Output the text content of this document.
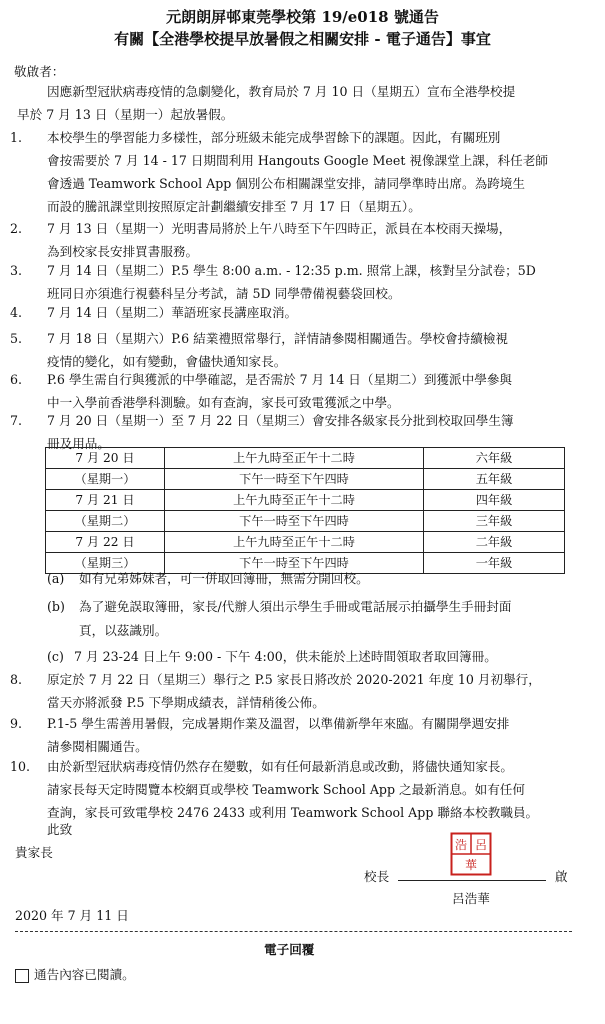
元朗朗屏邨東莞學校第 19/e018 號通告
有關【全港學校提早放暑假之相關安排 - 電子通告】事宜
敬啟者：
因應新型冠狀病毒疫情的急劇變化，教育局於 7 月 10 日（星期五）宣布全港學校提
早於 7 月 13 日（星期一）起放暑假。
1. 本校學生的學習能力多樣性，部分班級未能完成學習餘下的課題。因此，有關班別
會按需要於 7 月 14 - 17 日期間利用 Hangouts Google Meet 視像課堂上課，科任老師
會透過 Teamwork School App 個別公布相關課堂安排，請同學準時出席。為跨境生
而設的騰訊課堂則按照原定計劃繼續安排至 7 月 17 日（星期五）。
2. 7 月 13 日（星期一）光明書局將於上午八時至下午四時正，派員在本校雨天操場，
為到校家長安排買書服務。
3. 7 月 14 日（星期二）P.5 學生 8:00 a.m. - 12:35 p.m. 照常上課，核對呈分試卷；5D
班同日亦須進行視藝科呈分考試，請 5D 同學帶備視藝袋回校。
4. 7 月 14 日（星期二）華語班家長講座取消。
5. 7 月 18 日（星期六）P.6 結業禮照常舉行，詳情請參閱相關通告。學校會持續檢視
疫情的變化，如有變動，會儘快通知家長。
6. P.6 學生需自行與獲派的中學確認，是否需於 7 月 14 日（星期二）到獲派中學參與
中一入學前香港學科測驗。如有查詢，家長可致電獲派之中學。
7. 7 月 20 日（星期一）至 7 月 22 日（星期三）會安排各級家長分批到校取回學生簿
冊及用品。
7 月 20 日	上午九時至正午十二時	六年級
（星期一）	下午一時至下午四時	五年級
7 月 21 日	上午九時至正午十二時	四年級
（星期二）	下午一時至下午四時	三年級
7 月 22 日	上午九時至正午十二時	二年級
（星期三）	下午一時至下午四時	一年級
(a) 如有兄弟姊妹者，可一併取回簿冊，無需分開回校。
(b) 為了避免誤取簿冊，家長/代辦人須出示學生手冊或電話展示拍攝學生手冊封面
頁，以茲識別。
(c) 7 月 23-24 日上午 9:00 - 下午 4:00，供未能於上述時間領取者取回簿冊。
8. 原定於 7 月 22 日（星期三）舉行之 P.5 家長日將改於 2020-2021 年度 10 月初舉行，
當天亦將派發 P.5 下學期成績表，詳情稍後公佈。
9. P.1-5 學生需善用暑假，完成暑期作業及溫習，以準備新學年來臨。有關開學週安排
請參閱相關通告。
10. 由於新型冠狀病毒疫情仍然存在變數，如有任何最新消息或改動，將儘快通知家長。
請家長每天定時閱覽本校網頁或學校 Teamwork School App 之最新消息。如有任何
查詢，家長可致電學校 2476 2433 或利用 Teamwork School App 聯絡本校教職員。
此致
貴家長	浩 呂
華
校長	啟
呂浩華
2020 年 7 月 11 日
電子回覆
通告內容已閱讀。
